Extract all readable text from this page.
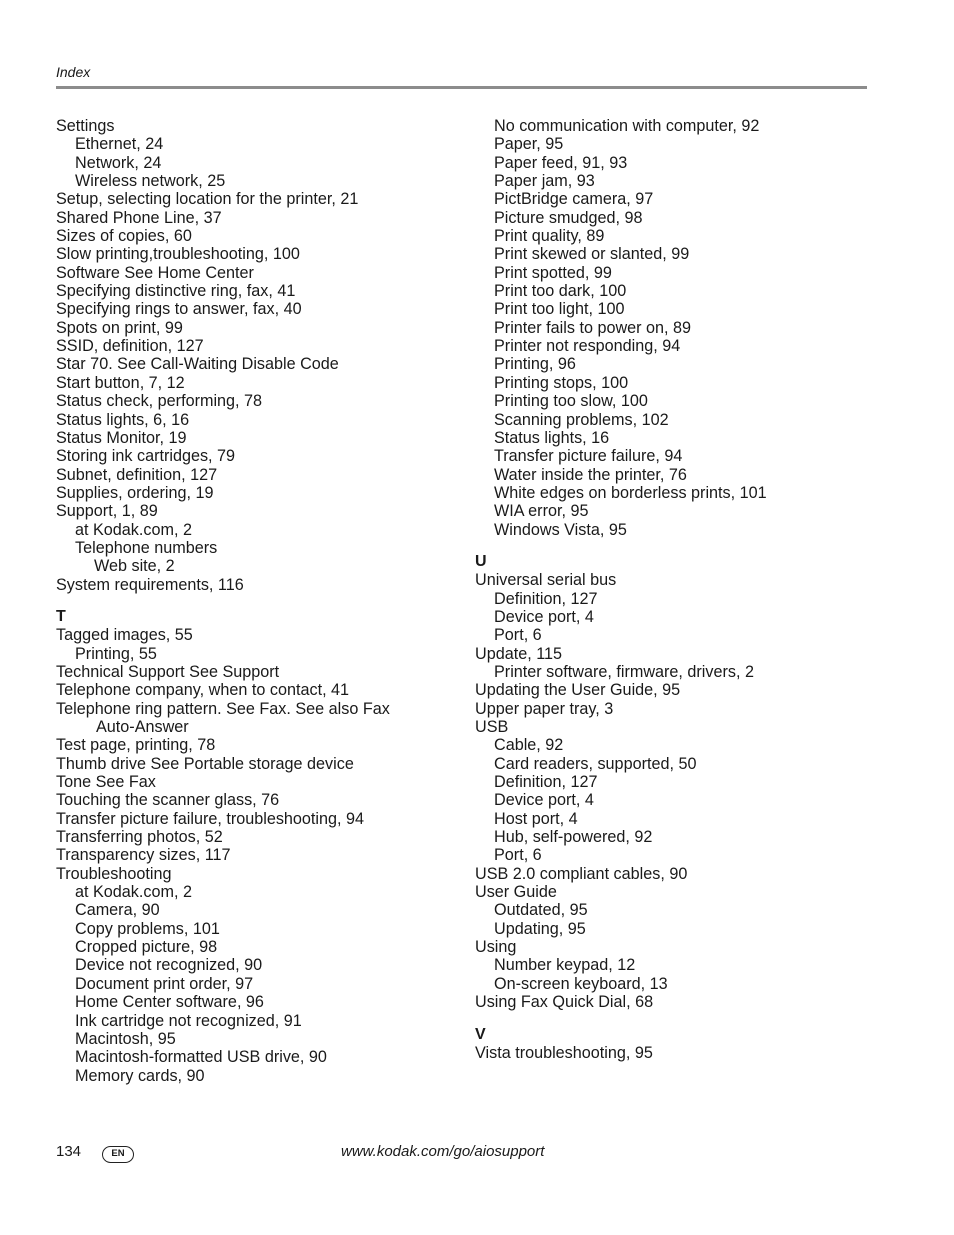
Index
Settings
Ethernet, 24
Network, 24
Wireless network, 25
Setup, selecting location for the printer, 21
Shared Phone Line, 37
Sizes of copies, 60
Slow printing,troubleshooting, 100
Software See Home Center
Specifying distinctive ring, fax, 41
Specifying rings to answer, fax, 40
Spots on print, 99
SSID, definition, 127
Star 70. See Call-Waiting Disable Code
Start button, 7, 12
Status check, performing, 78
Status lights, 6, 16
Status Monitor, 19
Storing ink cartridges, 79
Subnet, definition, 127
Supplies, ordering, 19
Support, 1, 89
at Kodak.com, 2
Telephone numbers
Web site, 2
System requirements, 116
T
Tagged images, 55
Printing, 55
Technical Support See Support
Telephone company, when to contact, 41
Telephone ring pattern. See Fax. See also Fax
Auto-Answer
Test page, printing, 78
Thumb drive See Portable storage device
Tone See Fax
Touching the scanner glass, 76
Transfer picture failure, troubleshooting, 94
Transferring photos, 52
Transparency sizes, 117
Troubleshooting
at Kodak.com, 2
Camera, 90
Copy problems, 101
Cropped picture, 98
Device not recognized, 90
Document print order, 97
Home Center software, 96
Ink cartridge not recognized, 91
Macintosh, 95
Macintosh-formatted USB drive, 90
Memory cards, 90
No communication with computer, 92
Paper, 95
Paper feed, 91, 93
Paper jam, 93
PictBridge camera, 97
Picture smudged, 98
Print quality, 89
Print skewed or slanted, 99
Print spotted, 99
Print too dark, 100
Print too light, 100
Printer fails to power on, 89
Printer not responding, 94
Printing, 96
Printing stops, 100
Printing too slow, 100
Scanning problems, 102
Status lights, 16
Transfer picture failure, 94
Water inside the printer, 76
White edges on borderless prints, 101
WIA error, 95
Windows Vista, 95
U
Universal serial bus
Definition, 127
Device port, 4
Port, 6
Update, 115
Printer software, firmware, drivers, 2
Updating the User Guide, 95
Upper paper tray, 3
USB
Cable, 92
Card readers, supported, 50
Definition, 127
Device port, 4
Host port, 4
Hub, self-powered, 92
Port, 6
USB 2.0 compliant cables, 90
User Guide
Outdated, 95
Updating, 95
Using
Number keypad, 12
On-screen keyboard, 13
Using Fax Quick Dial, 68
V
Vista troubleshooting, 95
134	EN	www.kodak.com/go/aiosupport
